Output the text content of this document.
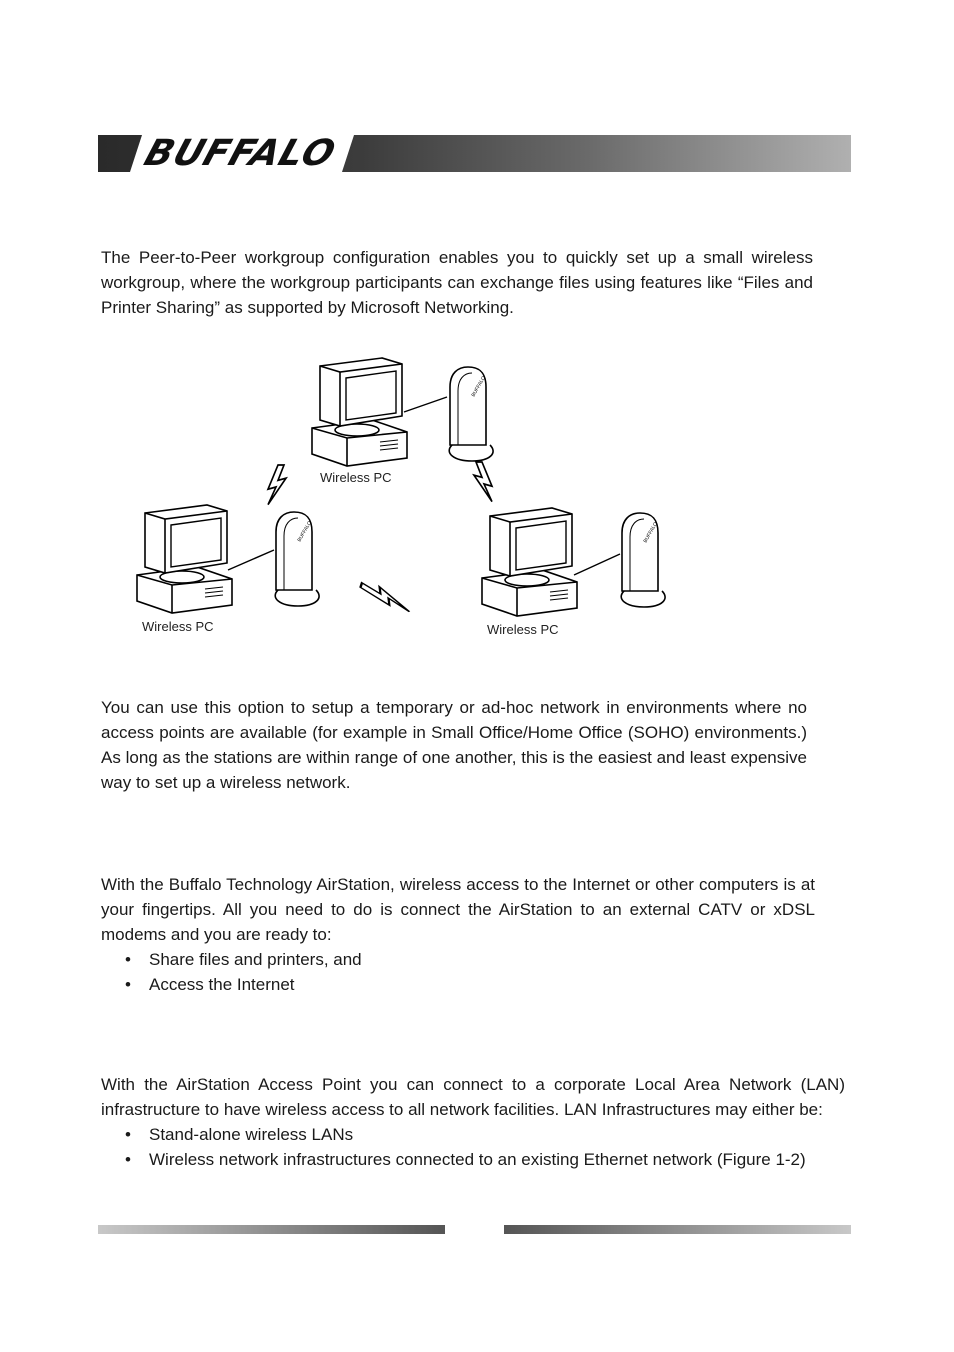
BUFFALO
The Peer-to-Peer workgroup configuration enables you to quickly set up a small wireless workgroup, where the workgroup participants can exchange files using features like “Files and Printer Sharing” as supported by Microsoft Networking.
BUFFALO
Wireless PC
Wireless PC	Wireless PC
You can use this option to setup a temporary or ad-hoc network in environments where no access points are available (for example in Small Office/Home Office (SOHO) environments.) As long as the stations are within range of one another, this is the easiest and least expensive way to set up a wireless network.
With the Buffalo Technology AirStation, wireless access to the Internet or other computers is at your fingertips. All you need to do is connect the AirStation to an external CATV or xDSL modems and you are ready to:
• Share files and printers, and
• Access the Internet
With the AirStation Access Point you can connect to a corporate Local Area Network (LAN) infrastructure to have wireless access to all network facilities. LAN Infrastructures may either be:
• Stand-alone wireless LANs
• Wireless network infrastructures connected to an existing Ethernet network (Figure 1-2)
